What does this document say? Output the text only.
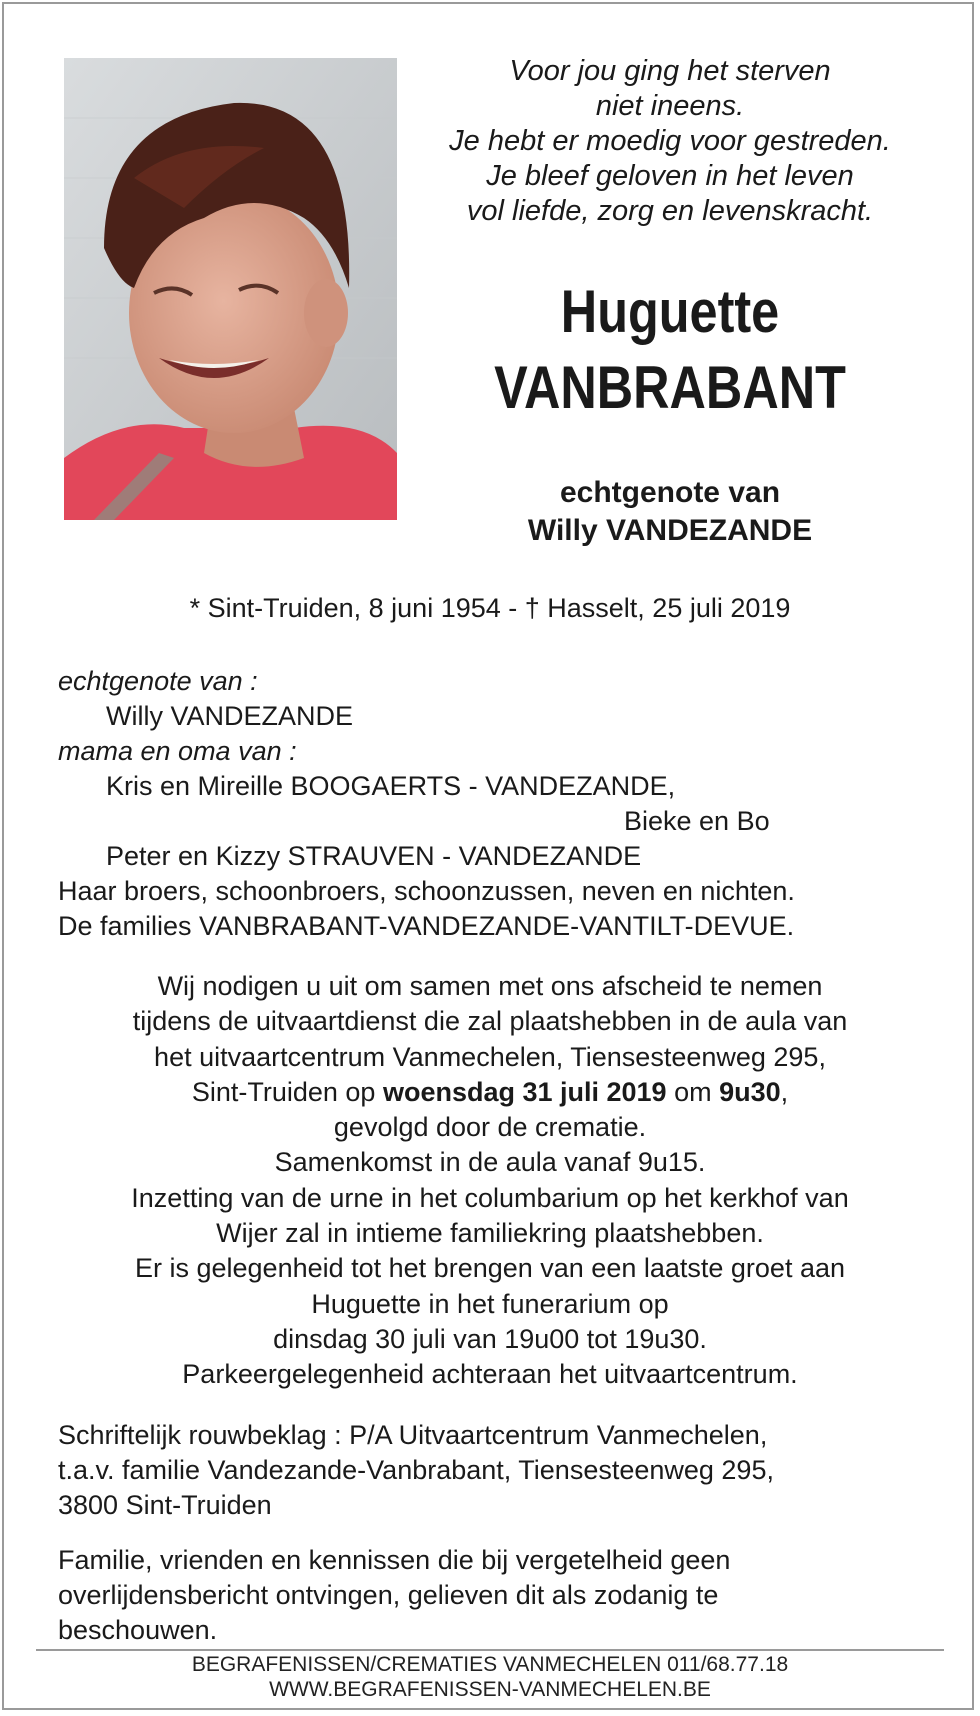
Voor jou ging het sterven
niet ineens.
Je hebt er moedig voor gestreden.
Je bleef geloven in het leven
vol liefde, zorg en levenskracht.
Huguette
VANBRABANT
echtgenote van
Willy VANDEZANDE
* Sint-Truiden, 8 juni 1954 - † Hasselt, 25 juli 2019
echtgenote van :
Willy VANDEZANDE
mama en oma van :
Kris en Mireille BOOGAERTS - VANDEZANDE,
Bieke en Bo
Peter en Kizzy STRAUVEN - VANDEZANDE
Haar broers, schoonbroers, schoonzussen, neven en nichten.
De families VANBRABANT-VANDEZANDE-VANTILT-DEVUE.
Wij nodigen u uit om samen met ons afscheid te nemen
tijdens de uitvaartdienst die zal plaatshebben in de aula van
het uitvaartcentrum Vanmechelen, Tiensesteenweg 295,
Sint-Truiden op woensdag 31 juli 2019 om 9u30,
gevolgd door de crematie.
Samenkomst in de aula vanaf 9u15.
Inzetting van de urne in het columbarium op het kerkhof van
Wijer zal in intieme familiekring plaatshebben.
Er is gelegenheid tot het brengen van een laatste groet aan
Huguette in het funerarium op
dinsdag 30 juli van 19u00 tot 19u30.
Parkeergelegenheid achteraan het uitvaartcentrum.
Schriftelijk rouwbeklag : P/A Uitvaartcentrum Vanmechelen,
t.a.v. familie Vandezande-Vanbrabant, Tiensesteenweg 295,
3800 Sint-Truiden
Familie, vrienden en kennissen die bij vergetelheid geen
overlijdensbericht ontvingen, gelieven dit als zodanig te
beschouwen.
BEGRAFENISSEN/CREMATIES VANMECHELEN 011/68.77.18
WWW.BEGRAFENISSEN-VANMECHELEN.BE
